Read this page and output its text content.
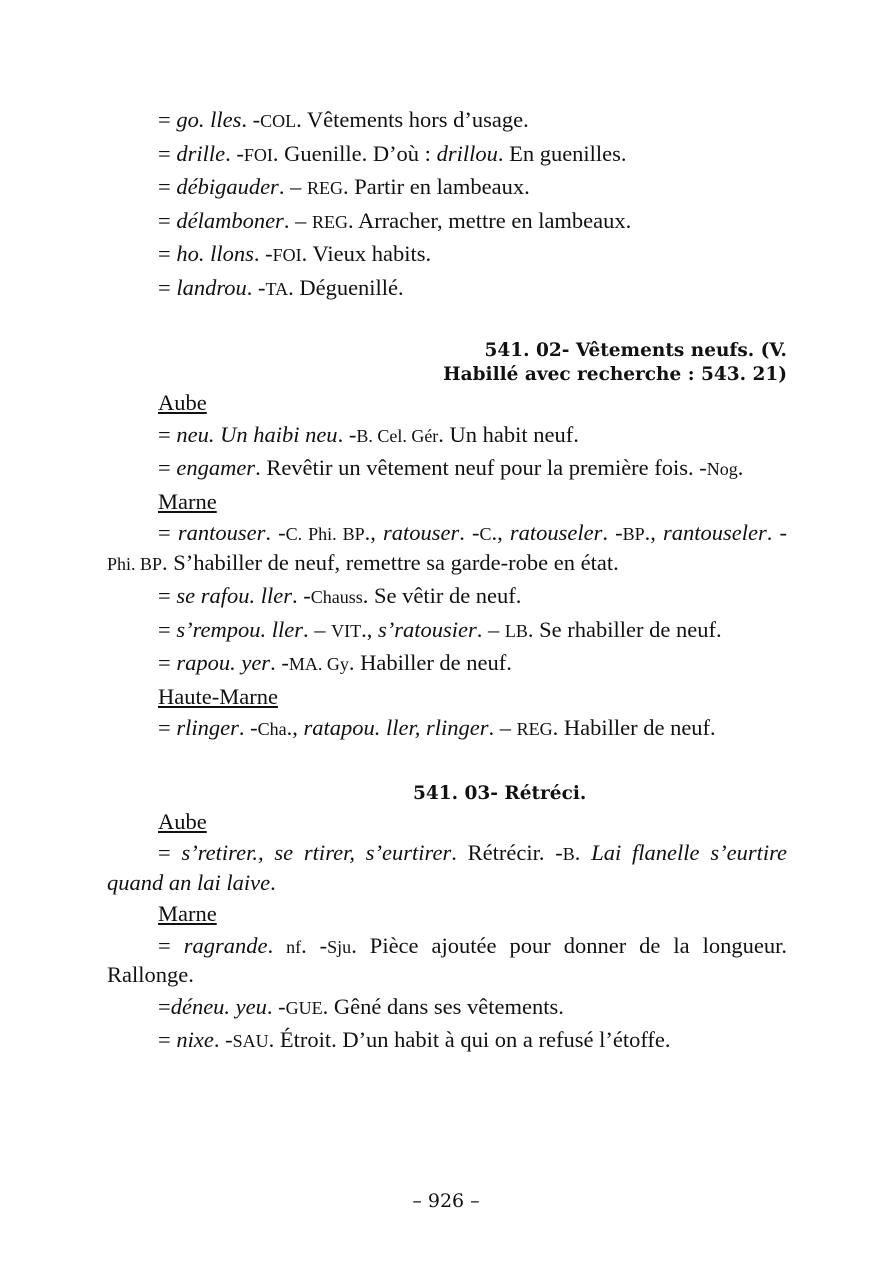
= go. lles. -COL. Vêtements hors d’usage.
= drille. -FOI. Guenille. D’où : drillou. En guenilles.
= débigauder. – REG. Partir en lambeaux.
= délamboner. – REG. Arracher, mettre en lambeaux.
= ho. llons. -FOI. Vieux habits.
= landrou. -TA. Déguenillé.
541. 02- Vêtements neufs. (V.
Habillé avec recherche : 543. 21)
Aube
= neu. Un haibi neu. -B. Cel. Gér. Un habit neuf.

= engamer. Revêtir un vêtement neuf pour la première fois. -Nog.

Marne

= rantouser. -C. Phi. BP., ratouser. -C., ratouseler. -BP., rantouseler. -Phi. BP. S’habiller de neuf, remettre sa garde-robe en état.

= se rafou. ller. -Chauss. Se vêtir de neuf.

= s’rempou. ller. – VIT., s’ratousier. – LB. Se rhabiller de neuf.

= rapou. yer. -MA. Gy. Habiller de neuf.
Haute-Marne

= rlinger. -Cha., ratapou. ller, rlinger. – REG. Habiller de neuf.

541. 03- Rétréci.
Aube

= s’retirer., se rtirer, s’eurtirer. Rétrécir. -B. Lai flanelle s’eurtire quand an lai laive.

Marne

= ragrande. nf. -Sju. Pièce ajoutée pour donner de la longueur. Rallonge.

=déneu. yeu. -GUE. Gêné dans ses vêtements.
= nixe. -SAU. Étroit. D’un habit à qui on a refusé l’étoffe.
– 926 –
